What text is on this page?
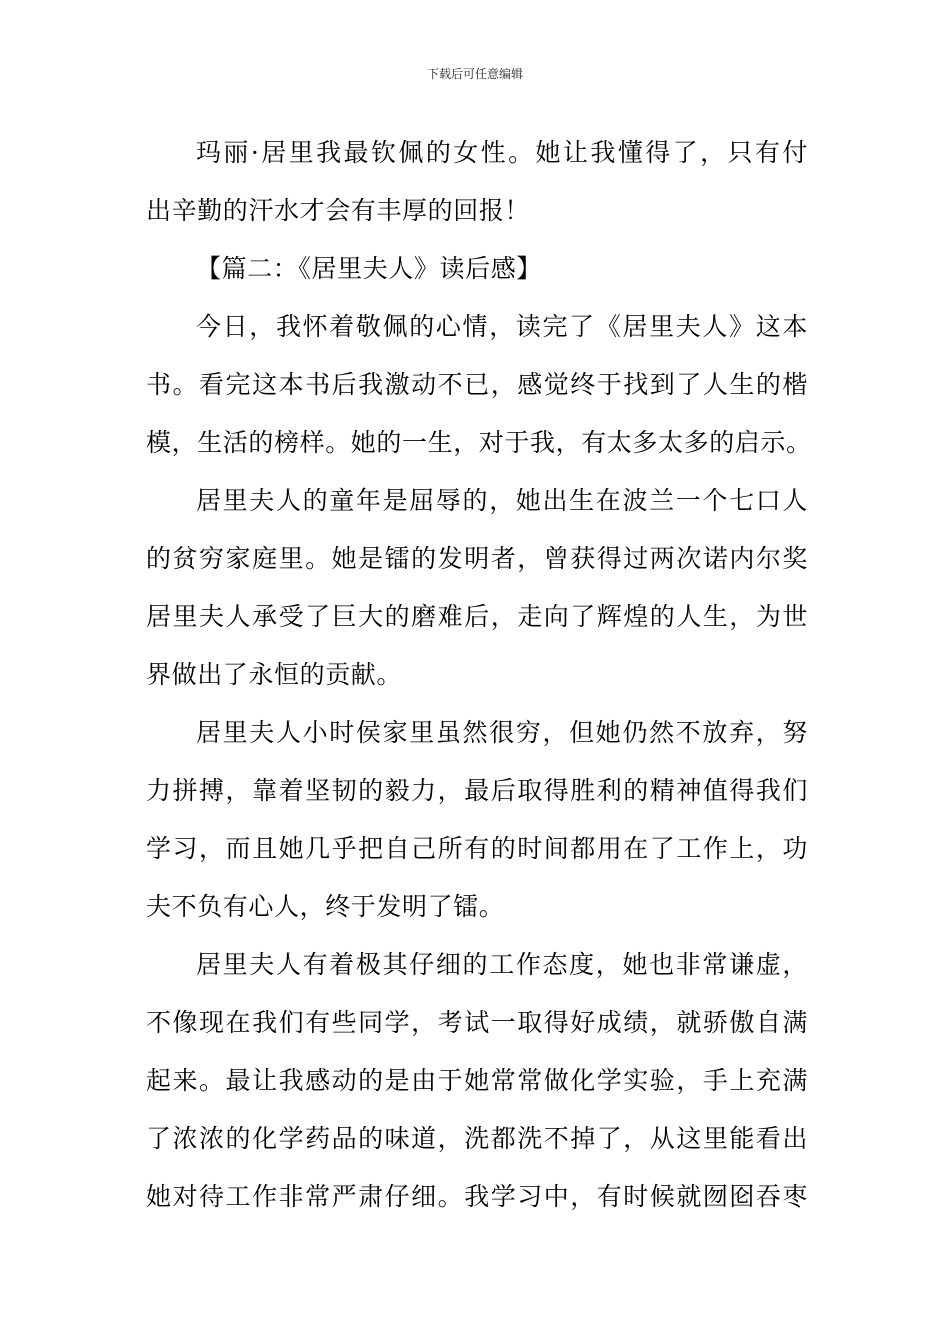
下载后可任意编辑
玛丽·居里我最钦佩的女性。她让我懂得了，只有付
出辛勤的汗水才会有丰厚的回报！
【篇二：《居里夫人》读后感】
今日，我怀着敬佩的心情，读完了《居里夫人》这本
书。看完这本书后我激动不已，感觉终于找到了人生的楷
模，生活的榜样。她的一生，对于我，有太多太多的启示。
居里夫人的童年是屈辱的，她出生在波兰一个七口人
的贫穷家庭里。她是镭的发明者，曾获得过两次诺内尔奖
居里夫人承受了巨大的磨难后，走向了辉煌的人生，为世
界做出了永恒的贡献。
居里夫人小时侯家里虽然很穷，但她仍然不放弃，努
力拼搏，靠着坚韧的毅力，最后取得胜利的精神值得我们
学习，而且她几乎把自己所有的时间都用在了工作上，功
夫不负有心人，终于发明了镭。
居里夫人有着极其仔细的工作态度，她也非常谦虚，
不像现在我们有些同学，考试一取得好成绩，就骄傲自满
起来。最让我感动的是由于她常常做化学实验，手上充满
了浓浓的化学药品的味道，洗都洗不掉了，从这里能看出
她对待工作非常严肃仔细。我学习中，有时候就囫囵吞枣
